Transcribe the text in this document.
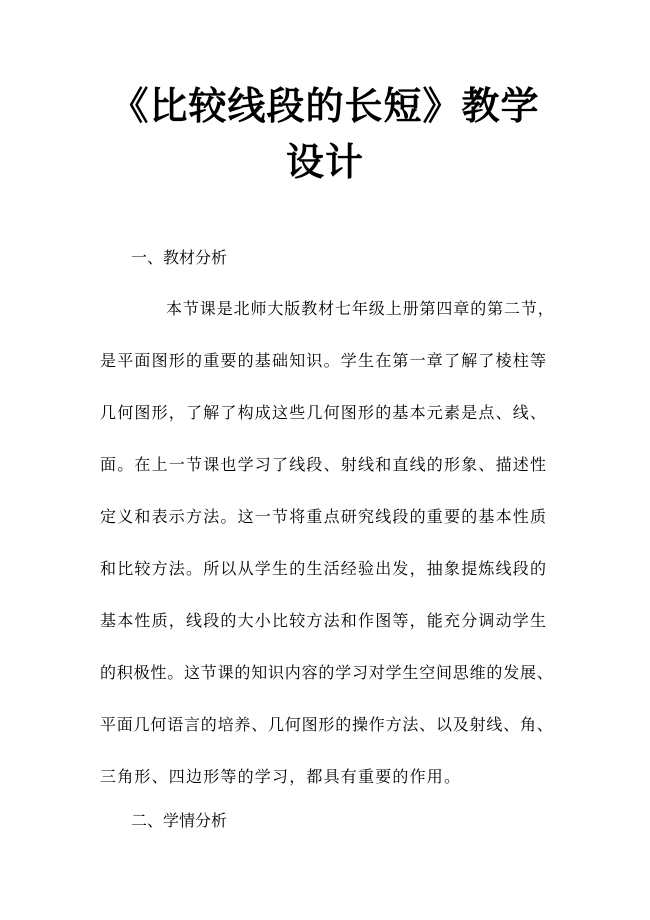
《比较线段的长短》教学
设计
一、教材分析
本节课是北师大版教材七年级上册第四章的第二节，
是平面图形的重要的基础知识。学生在第一章了解了棱柱等
几何图形，了解了构成这些几何图形的基本元素是点、线、
面。在上一节课也学习了线段、射线和直线的形象、描述性
定义和表示方法。这一节将重点研究线段的重要的基本性质
和比较方法。所以从学生的生活经验出发，抽象提炼线段的
基本性质，线段的大小比较方法和作图等，能充分调动学生
的积极性。这节课的知识内容的学习对学生空间思维的发展、
平面几何语言的培养、几何图形的操作方法、以及射线、角、
三角形、四边形等的学习，都具有重要的作用。
二、学情分析
